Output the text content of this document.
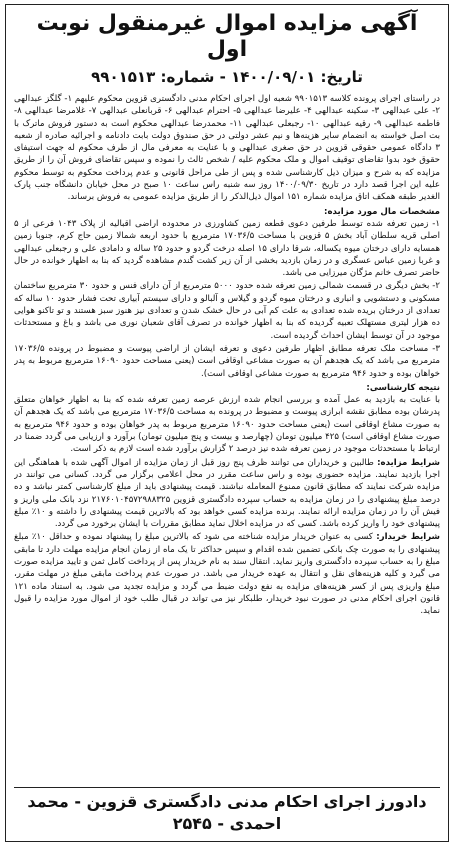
آگهی مزایده اموال غیرمنقول نوبت اول
تاریخ: ۱۴۰۰/۰۹/۰۱ - شماره: ۹۹۰۱۵۱۳

در راستای اجرای پرونده کلاسه ۹۹۰۱۵۱۳ شعبه اول اجرای احکام مدنی دادگستری قزوین محکوم علیهم ۱- گلگز عبدالهی ۲- علی عبدالهی ۳- سکینه عبدالهی ۴- علیرضا عبدالهی ۵- احترام عبدالهی ۶- قربانعلی عبدالهی ۷- غلامرضا عبدالهی ۸- فاطمه عبدالهی ۹- رقیه عبدالهی ۱۰- رجبعلی عبدالهی ۱۱- محمدرضا عبدالهی محکوم است به دستور فروش ماترک با بت اصل خواسته به انضمام سایر هزینه‌ها و نیم عشر دولتی در حق صندوق دولت بابت دادنامه و اجرائیه صادره از شعبه ۳ دادگاه عمومی حقوقی قزوین در حق صغری عبدالهی و با عنایت به معرفی مال از طرف محکوم له جهت استیفای حقوق خود بدوا تقاضای توقیف اموال و ملک محکوم علیه / شخص ثالث را نموده و سپس تقاضای فروش آن را از طریق مزایده که به شرح و میزان ذیل کارشناسی شده و پس از طی مراحل قانونی و عدم پرداخت محکوم به توسط محکوم علیه این اجرا قصد دارد در تاریخ ۱۴۰۰/۰۹/۳۰ روز سه شنبه راس ساعت ۱۰ صبح در محل خیابان دانشگاه جنب پارک الغدیر طبقه همکف اتاق مزایده شماره ۱۵۱ اموال ذیل‌الذکر را از طریق مزایده عمومی به فروش برساند.

مشخصات مال مورد مزایده:

۱- زمین تعرفه شده توسط طرفین دعوی قطعه زمین کشاورزی در محدوده اراضی اقبالیه از پلاک ۱۰۴۳ فرعی از ۵ اصلی قریه سلطان آباد بخش ۵ قزوین با مساحت ۱۷۰۳۶/۵ مترمربع با حدود اربعه شمالا زمین حاج کرم، جنوبا زمین همسایه دارای درختان میوه یکساله، شرقا دارای ۱۵ اصله درخت گردو و حدود ۲۵ ساله و دامادی علی و رجبعلی عبدالهی و غربا زمین عباس عسگری و در زمان بازدید بخشی از آن زیر کشت گندم مشاهده گردید که بنا به اظهار خوانده در حال حاضر تصرف خانم مژگان میرزایی می باشد.

۲- بخش دیگری در قسمت شمالی زمین تعرفه شده حدود ۵۰۰۰ مترمربع از آن دارای فنس و حدود ۳۰ مترمربع ساختمان مسکونی و دستشویی و انباری و درختان میوه گردو و گیلاس و آلبالو و دارای سیستم آبیاری تحت فشار حدود ۱۰ ساله که تعدادی از درختان بریده شده تعدادی به علت کم آبی در حال خشک شدن و تعدادی نیز هنوز سبز هستند و تو تاکنو هوایی ده هزار لیتری مستهلک تعبیه گردیده که بنا به اظهار خوانده در تصرف آقای شعبان نوری می باشد و باغ و مستحدثات موجود در آن توسط ایشان احداث گردیده است.

۳- مساحت ملک تعرفه مطابق اظهار طرفین دعوی و تعرفه ایشان از اراضی پیوست و مضبوط در پرونده ۱۷۰۳۶/۵ مترمربع می باشد که یک هجدهم آن به صورت مشاعی اوقافی است (یعنی مساحت حدود ۱۶۰۹۰ مترمربع مربوط به پدر خواهان بوده و حدود ۹۴۶ مترمربع به صورت مشاعی اوقافی است).

نتیجه کارشناسی:

با عنایت به بازدید به عمل آمده و بررسی انجام شده ارزش عرصه زمین تعرفه شده که بنا به اظهار خواهان متعلق پدرشان بوده مطابق نقشه ابرازی پیوست و مضبوط در پرونده به مساحت ۱۷۰۳۶/۵ مترمربع می باشد که یک هجدهم آن به صورت مشاع اوقافی است (یعنی مساحت حدود ۱۶۰۹۰ مترمربع مربوط به پدر خواهان بوده و حدود ۹۴۶ مترمربع به صورت مشاع اوقافی است) ۴۲۵ میلیون تومان (چهارصد و بیست و پنج میلیون تومان) برآورد و ارزیابی می گردد ضمنا در ارتباط با مستحدثات موجود در زمین تعرفه شده نیز درصد ۲ گزارش برآورد شده است لازم به ذکر است.

شرایط مزایده: طالبین و خریداران می توانند ظرف پنج روز قبل از زمان مزایده از اموال آگهی شده با هماهنگی این اجرا بازدید نمایند. مزایده حضوری بوده و راس ساعت مقرر در محل اعلامی برگزار می گردد. کسانی می توانند در مزایده شرکت نمایند که مطابق قانون ممنوع المعامله نباشند. قیمت پیشنهادی باید از مبلغ کارشناسی کمتر نباشد و ده درصد مبلغ پیشنهادی را در زمان مزایده به حساب سپرده دادگستری قزوین ۲۱۷۶۰۱۰۴۵۷۲۹۸۸۳۲۵ نزد بانک ملی واریز و فیش آن را در زمان مزایده ارائه نمایند. برنده مزایده کسی خواهد بود که بالاترین قیمت پیشنهادی را داشته و ۱۰٪ مبلغ پیشنهادی خود را واریز کرده باشد. کسی که در مزایده اخلال نماید مطابق مقررات با ایشان برخورد می گردد.

شرایط خریدار: کسی به عنوان خریدار مزایده شناخته می شود که بالاترین مبلغ را پیشنهاد نموده و حداقل ۱۰٪ مبلغ پیشنهادی را به صورت چک بانکی تضمین شده اقدام و سپس حداکثر تا یک ماه از زمان انجام مزایده مهلت دارد تا مابقی مبلغ را به حساب سپرده دادگستری واریز نماید. انتقال سند به نام خریدار پس از پرداخت کامل ثمن و تایید مزایده صورت می گیرد و کلیه هزینه‌های نقل و انتقال به عهده خریدار می باشد. در صورت عدم پرداخت مابقی مبلغ در مهلت مقرر، مبلغ واریزی پس از کسر هزینه‌های مزایده به نفع دولت ضبط می گردد و مزایده تجدید می شود. به استناد ماده ۱۲۱ قانون اجرای احکام مدنی در صورت نبود خریدار، طلبکار نیز می تواند در قبال طلب خود از اموال مورد مزایده را قبول نماید.

دادورز اجرای احکام مدنی دادگستری قزوین - محمد احمدی - ۲۵۴۵
